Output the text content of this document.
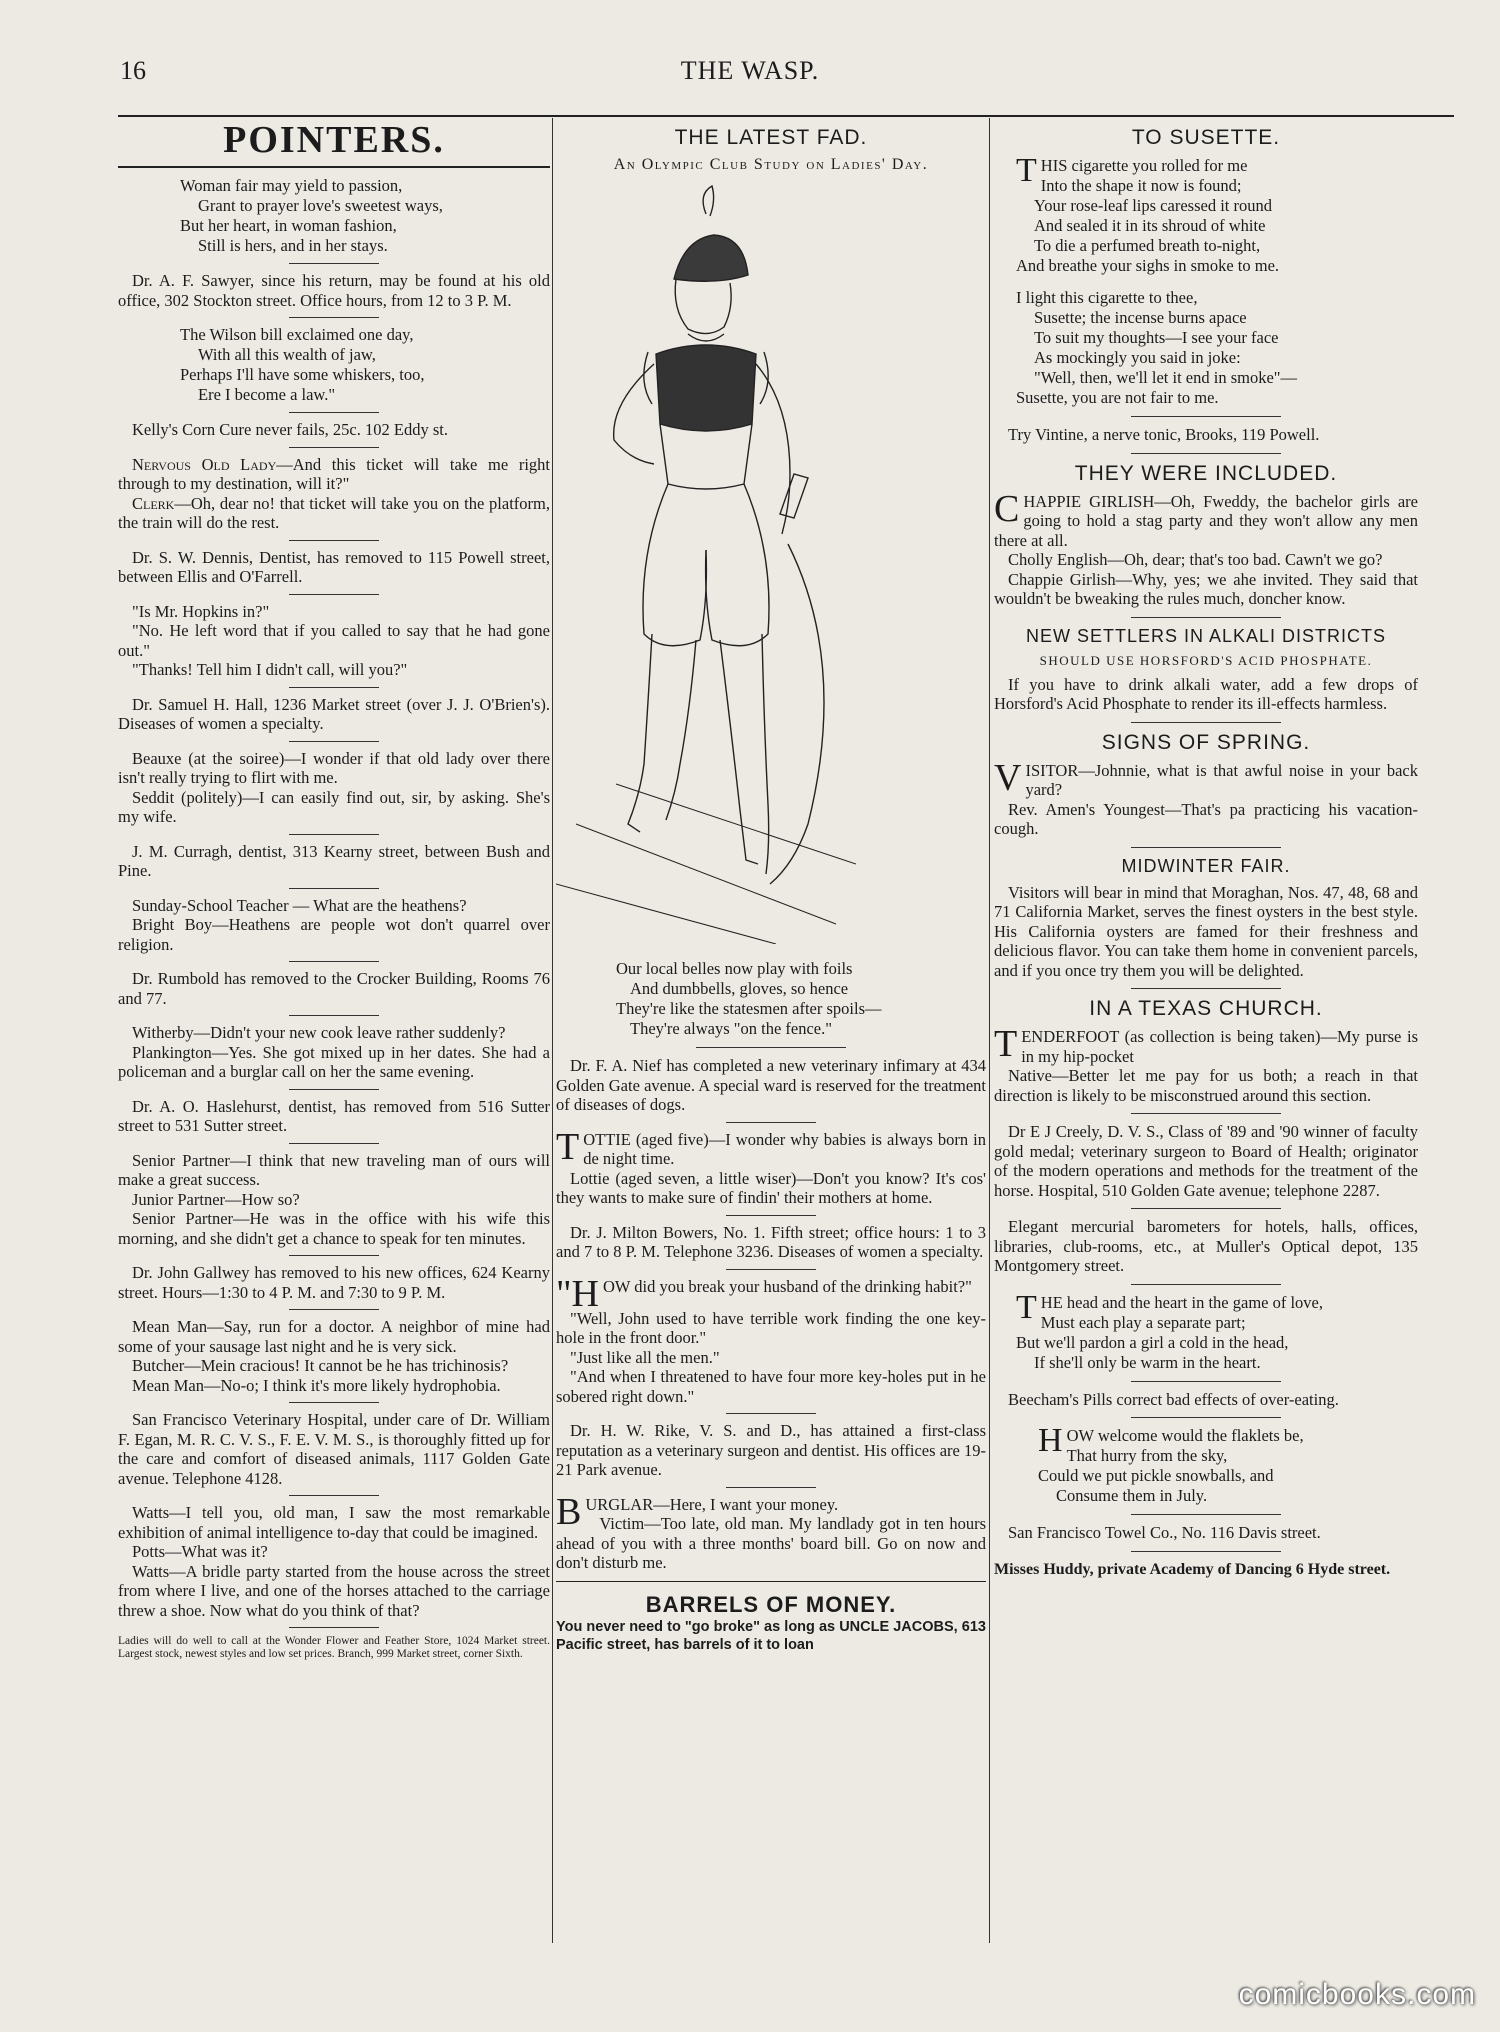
16	THE WASP.
POINTERS.
Woman fair may yield to passion,
Grant to prayer love's sweetest ways,
But her heart, in woman fashion,
Still is hers, and in her stays.

Dr. A. F. Sawyer, since his return, may be found at his old office, 302 Stockton street. Office hours, from 12 to 3 P. M.

The Wilson bill exclaimed one day,
With all this wealth of jaw,
Perhaps I'll have some whiskers, too,
Ere I become a law."

Kelly's Corn Cure never fails, 25c. 102 Eddy st.

Nervous Old Lady—And this ticket will take me right through to my destination, will it?"

Clerk—Oh, dear no! that ticket will take you on the platform, the train will do the rest.

Dr. S. W. Dennis, Dentist, has removed to 115 Powell street, between Ellis and O'Farrell.

"Is Mr. Hopkins in?"

"No. He left word that if you called to say that he had gone out."

"Thanks! Tell him I didn't call, will you?"

Dr. Samuel H. Hall, 1236 Market street (over J. J. O'Brien's). Diseases of women a specialty.

Beauxe (at the soiree)—I wonder if that old lady over there isn't really trying to flirt with me.

Seddit (politely)—I can easily find out, sir, by asking. She's my wife.

J. M. Curragh, dentist, 313 Kearny street, between Bush and Pine.

Sunday-School Teacher — What are the heathens?

Bright Boy—Heathens are people wot don't quarrel over religion.

Dr. Rumbold has removed to the Crocker Building, Rooms 76 and 77.

Witherby—Didn't your new cook leave rather suddenly?

Plankington—Yes. She got mixed up in her dates. She had a policeman and a burglar call on her the same evening.

Dr. A. O. Haslehurst, dentist, has removed from 516 Sutter street to 531 Sutter street.

Senior Partner—I think that new traveling man of ours will make a great success.

Junior Partner—How so?

Senior Partner—He was in the office with his wife this morning, and she didn't get a chance to speak for ten minutes.

Dr. John Gallwey has removed to his new offices, 624 Kearny street. Hours—1:30 to 4 P. M. and 7:30 to 9 P. M.

Mean Man—Say, run for a doctor. A neighbor of mine had some of your sausage last night and he is very sick.

Butcher—Mein cracious! It cannot be he has trichinosis?

Mean Man—No-o; I think it's more likely hydrophobia.

San Francisco Veterinary Hospital, under care of Dr. William F. Egan, M. R. C. V. S., F. E. V. M. S., is thoroughly fitted up for the care and comfort of diseased animals, 1117 Golden Gate avenue. Telephone 4128.

Watts—I tell you, old man, I saw the most remarkable exhibition of animal intelligence to-day that could be imagined.

Potts—What was it?

Watts—A bridle party started from the house across the street from where I live, and one of the horses attached to the carriage threw a shoe. Now what do you think of that?

Ladies will do well to call at the Wonder Flower and Feather Store, 1024 Market street. Largest stock, newest styles and low set prices. Branch, 999 Market street, corner Sixth.
THE LATEST FAD.
An Olympic Club Study on Ladies' Day.
Our local belles now play with foils
And dumbbells, gloves, so hence
They're like the statesmen after spoils—
They're always "on the fence."

Dr. F. A. Nief has completed a new veterinary infimary at 434 Golden Gate avenue. A special ward is reserved for the treatment of diseases of dogs.

TOTTIE (aged five)—I wonder why babies is always born in de night time.

Lottie (aged seven, a little wiser)—Don't you know? It's cos' they wants to make sure of findin' their mothers at home.

Dr. J. Milton Bowers, No. 1. Fifth street; office hours: 1 to 3 and 7 to 8 P. M. Telephone 3236. Diseases of women a specialty.

"HOW did you break your husband of the drinking habit?"

"Well, John used to have terrible work finding the one key-hole in the front door."

"Just like all the men."

"And when I threatened to have four more key-holes put in he sobered right down."

Dr. H. W. Rike, V. S. and D., has attained a first-class reputation as a veterinary surgeon and dentist. His offices are 19-21 Park avenue.

BURGLAR—Here, I want your money.

Victim—Too late, old man. My landlady got in ten hours ahead of you with a three months' board bill. Go on now and don't disturb me.

BARRELS OF MONEY.
You never need to "go broke" as long as UNCLE JACOBS, 613 Pacific street, has barrels of it to loan
TO SUSETTE.
THIS cigarette you rolled for me
Into the shape it now is found;
Your rose-leaf lips caressed it round
And sealed it in its shroud of white
To die a perfumed breath to-night,
And breathe your sighs in smoke to me.
I light this cigarette to thee,
Susette; the incense burns apace
To suit my thoughts—I see your face
As mockingly you said in joke:
"Well, then, we'll let it end in smoke"—
Susette, you are not fair to me.

Try Vintine, a nerve tonic, Brooks, 119 Powell.

THEY WERE INCLUDED.

CHAPPIE GIRLISH—Oh, Fweddy, the bachelor girls are going to hold a stag party and they won't allow any men there at all.

Cholly English—Oh, dear; that's too bad. Cawn't we go?

Chappie Girlish—Why, yes; we ahe invited. They said that wouldn't be bweaking the rules much, doncher know.

NEW SETTLERS IN ALKALI DISTRICTS
SHOULD USE HORSFORD'S ACID PHOSPHATE.

If you have to drink alkali water, add a few drops of Horsford's Acid Phosphate to render its ill-effects harmless.

SIGNS OF SPRING.

VISITOR—Johnnie, what is that awful noise in your back yard?

Rev. Amen's Youngest—That's pa practicing his vacation-cough.

MIDWINTER FAIR.

Visitors will bear in mind that Moraghan, Nos. 47, 48, 68 and 71 California Market, serves the finest oysters in the best style. His California oysters are famed for their freshness and delicious flavor. You can take them home in convenient parcels, and if you once try them you will be delighted.

IN A TEXAS CHURCH.

TENDERFOOT (as collection is being taken)—My purse is in my hip-pocket

Native—Better let me pay for us both; a reach in that direction is likely to be misconstrued around this section.

Dr E J Creely, D. V. S., Class of '89 and '90 winner of faculty gold medal; veterinary surgeon to Board of Health; originator of the modern operations and methods for the treatment of the horse. Hospital, 510 Golden Gate avenue; telephone 2287.

Elegant mercurial barometers for hotels, halls, offices, libraries, club-rooms, etc., at Muller's Optical depot, 135 Montgomery street.

THE head and the heart in the game of love,
Must each play a separate part;
But we'll pardon a girl a cold in the head,
If she'll only be warm in the heart.

Beecham's Pills correct bad effects of over-eating.

HOW welcome would the flaklets be,
That hurry from the sky,
Could we put pickle snowballs, and
Consume them in July.

San Francisco Towel Co., No. 116 Davis street.

Misses Huddy, private Academy of Dancing 6 Hyde street.
comicbooks.com
